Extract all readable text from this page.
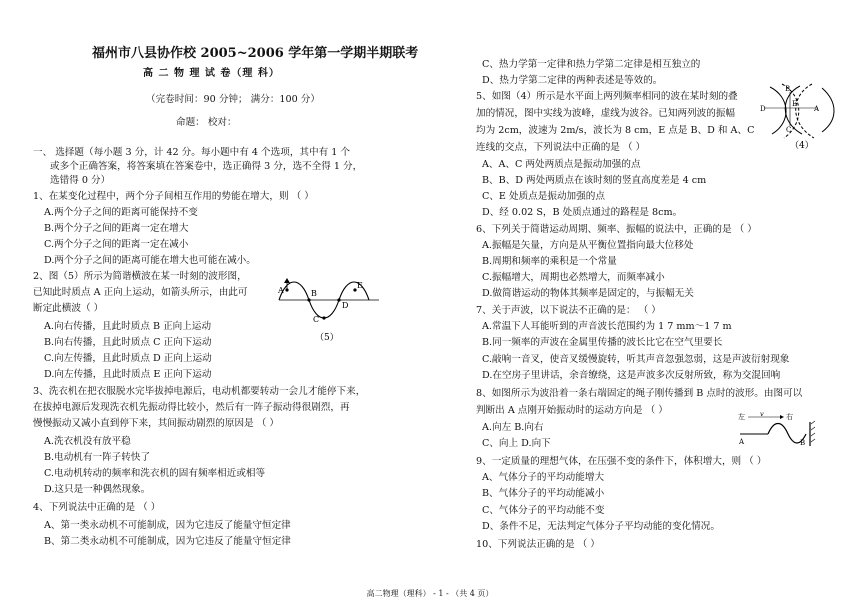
福州市八县协作校 2005~2006 学年第一学期半期联考
高 二 物 理 试 卷（理 科）
（完卷时间：90 分钟； 满分：100 分）
命题： 校对：
一、 选择题（每小题 3 分，计 42 分。每小题中有 4 个选项，其中有 1 个
或多个正确答案，将答案填在答案卷中，选正确得 3 分，选不全得 1 分，
选错得 0 分）
1、在某变化过程中，两个分子间相互作用的势能在增大，则 （ ）
A.两个分子之间的距离可能保持不变
B.两个分子之间的距离一定在增大
C.两个分子之间的距离一定在减小
D.两个分子之间的距离可能在增大也可能在减小。
2、图（5）所示为简谐横波在某一时刻的波形图，
已知此时质点 A 正向上运动，如箭头所示，由此可
断定此横波（ ）
A.向右传播，且此时质点 B 正向上运动
B.向右传播，且此时质点 C 正向下运动
C.向左传播，且此时质点 D 正向上运动
D.向左传播，且此时质点 E 正向下运动
3、洗衣机在把衣服脱水完毕拔掉电源后，电动机都要转动一会儿才能停下来，
在拔掉电源后发现洗衣机先振动得比较小，然后有一阵子振动得很剧烈，再
慢慢振动又减小直到停下来，其间振动剧烈的原因是 （ ）
A.洗衣机没有放平稳
B.电动机有一阵子转快了
C.电动机转动的频率和洗衣机的固有频率相近或相等
D.这只是一种偶然现象。
4、下列说法中正确的是 （ ）
A、第一类永动机不可能制成，因为它违反了能量守恒定律
B、第二类永动机不可能制成，因为它违反了能量守恒定律
C、热力学第一定律和热力学第二定律是相互独立的
D、热力学第二定律的两种表述是等效的。
5、如图（4）所示是水平面上两列频率相同的波在某时刻的叠
加的情况，图中实线为波峰，虚线为波谷。已知两列波的振幅
均为 2cm，波速为 2m/s，波长为 8 cm，E 点是 B、D 和 A、C
连线的交点，下列说法中正确的是 （ ）
A、A、C 两处两质点是振动加强的点
B、B、D 两处两质点在该时刻的竖直高度差是 4 cm
C、E 处质点是振动加强的点
D、经 0.02 S，B 处质点通过的路程是 8cm。
6、下列关于简谐运动周期、频率、振幅的说法中，正确的是 （ ）
A.振幅是矢量，方向是从平衡位置指向最大位移处
B.周期和频率的乘积是一个常量
C.振幅增大，周期也必然增大，而频率减小
D.做简谐运动的物体其频率是固定的，与振幅无关
7、关于声波，以下说法不正确的是： （ ）
A.常温下人耳能听到的声音波长范围约为 1 7 mm～1 7 m
B.同一频率的声波在金属里传播的波长比它在空气里要长
C.敲响一音叉，使音叉缓慢旋转，听其声音忽强忽弱，这是声波衍射现象
D.在空房子里讲话，余音缭绕，这是声波多次反射所致，称为交混回响
8、如图所示为波沿着一条右端固定的绳子刚传播到 B 点时的波形。由图可以
判断出 A 点刚开始振动时的运动方向是 （ ）
A.向左 B.向右
C、向上 D.向下
9、一定质量的理想气体，在压强不变的条件下，体积增大，则 （ ）
A、气体分子的平均动能增大
B、气体分子的平均动能减小
C、气体分子的平均动能不变
D、条件不足，无法判定气体分子平均动能的变化情况。
10、下列说法正确的是 （ ）
A	B
C
D
E
（5）
B
E
A
D
C
（4）
左 v	右
A	B
高二物理（理科） - 1 - （共 4 页）
